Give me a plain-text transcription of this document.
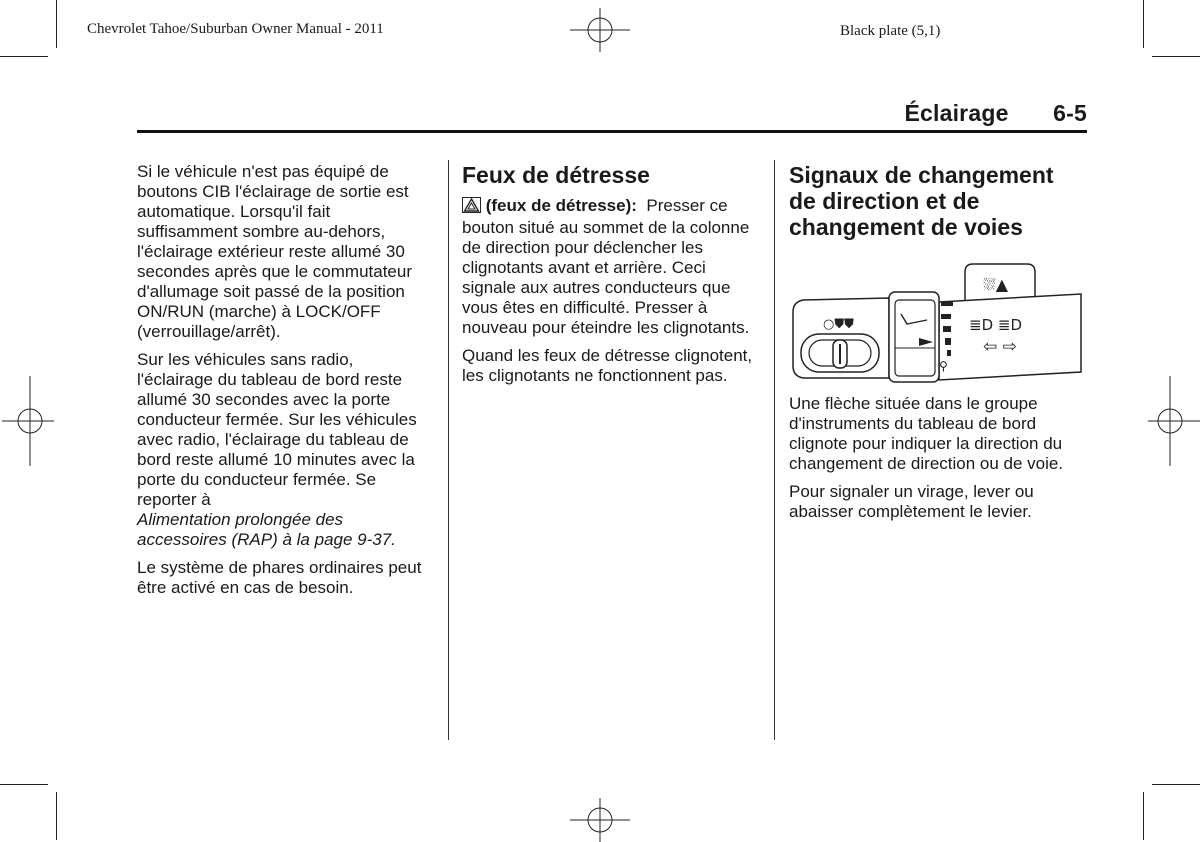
Chevrolet Tahoe/Suburban Owner Manual - 2011	Black plate (5,1)
Éclairage 6-5

Si le véhicule n'est pas équipé de boutons CIB l'éclairage de sortie est automatique. Lorsqu'il fait suffisamment sombre au-dehors, l'éclairage extérieur reste allumé 30 secondes après que le commutateur d'allumage soit passé de la position ON/RUN (marche) à LOCK/OFF (verrouillage/arrêt).

Sur les véhicules sans radio, l'éclairage du tableau de bord reste allumé 30 secondes avec la porte conducteur fermée. Sur les véhicules avec radio, l'éclairage du tableau de bord reste allumé 10 minutes avec la porte du conducteur fermée. Se reporter à
Alimentation prolongée des accessoires (RAP) à la page 9-37.

Le système de phares ordinaires peut être activé en cas de besoin.

Feux de détresse

(feux de détresse): Presser ce bouton situé au sommet de la colonne de direction pour déclencher les clignotants avant et arrière. Ceci signale aux autres conducteurs que vous êtes en difficulté. Presser à nouveau pour éteindre les clignotants.

Quand les feux de détresse clignotent, les clignotants ne fonctionnent pas.

Signaux de changement de direction et de changement de voies
⛆▲
○⛊⛊
⚲
≣D ≣D
⇦ ⇨

Une flèche située dans le groupe d'instruments du tableau de bord clignote pour indiquer la direction du changement de direction ou de voie.

Pour signaler un virage, lever ou abaisser complètement le levier.
